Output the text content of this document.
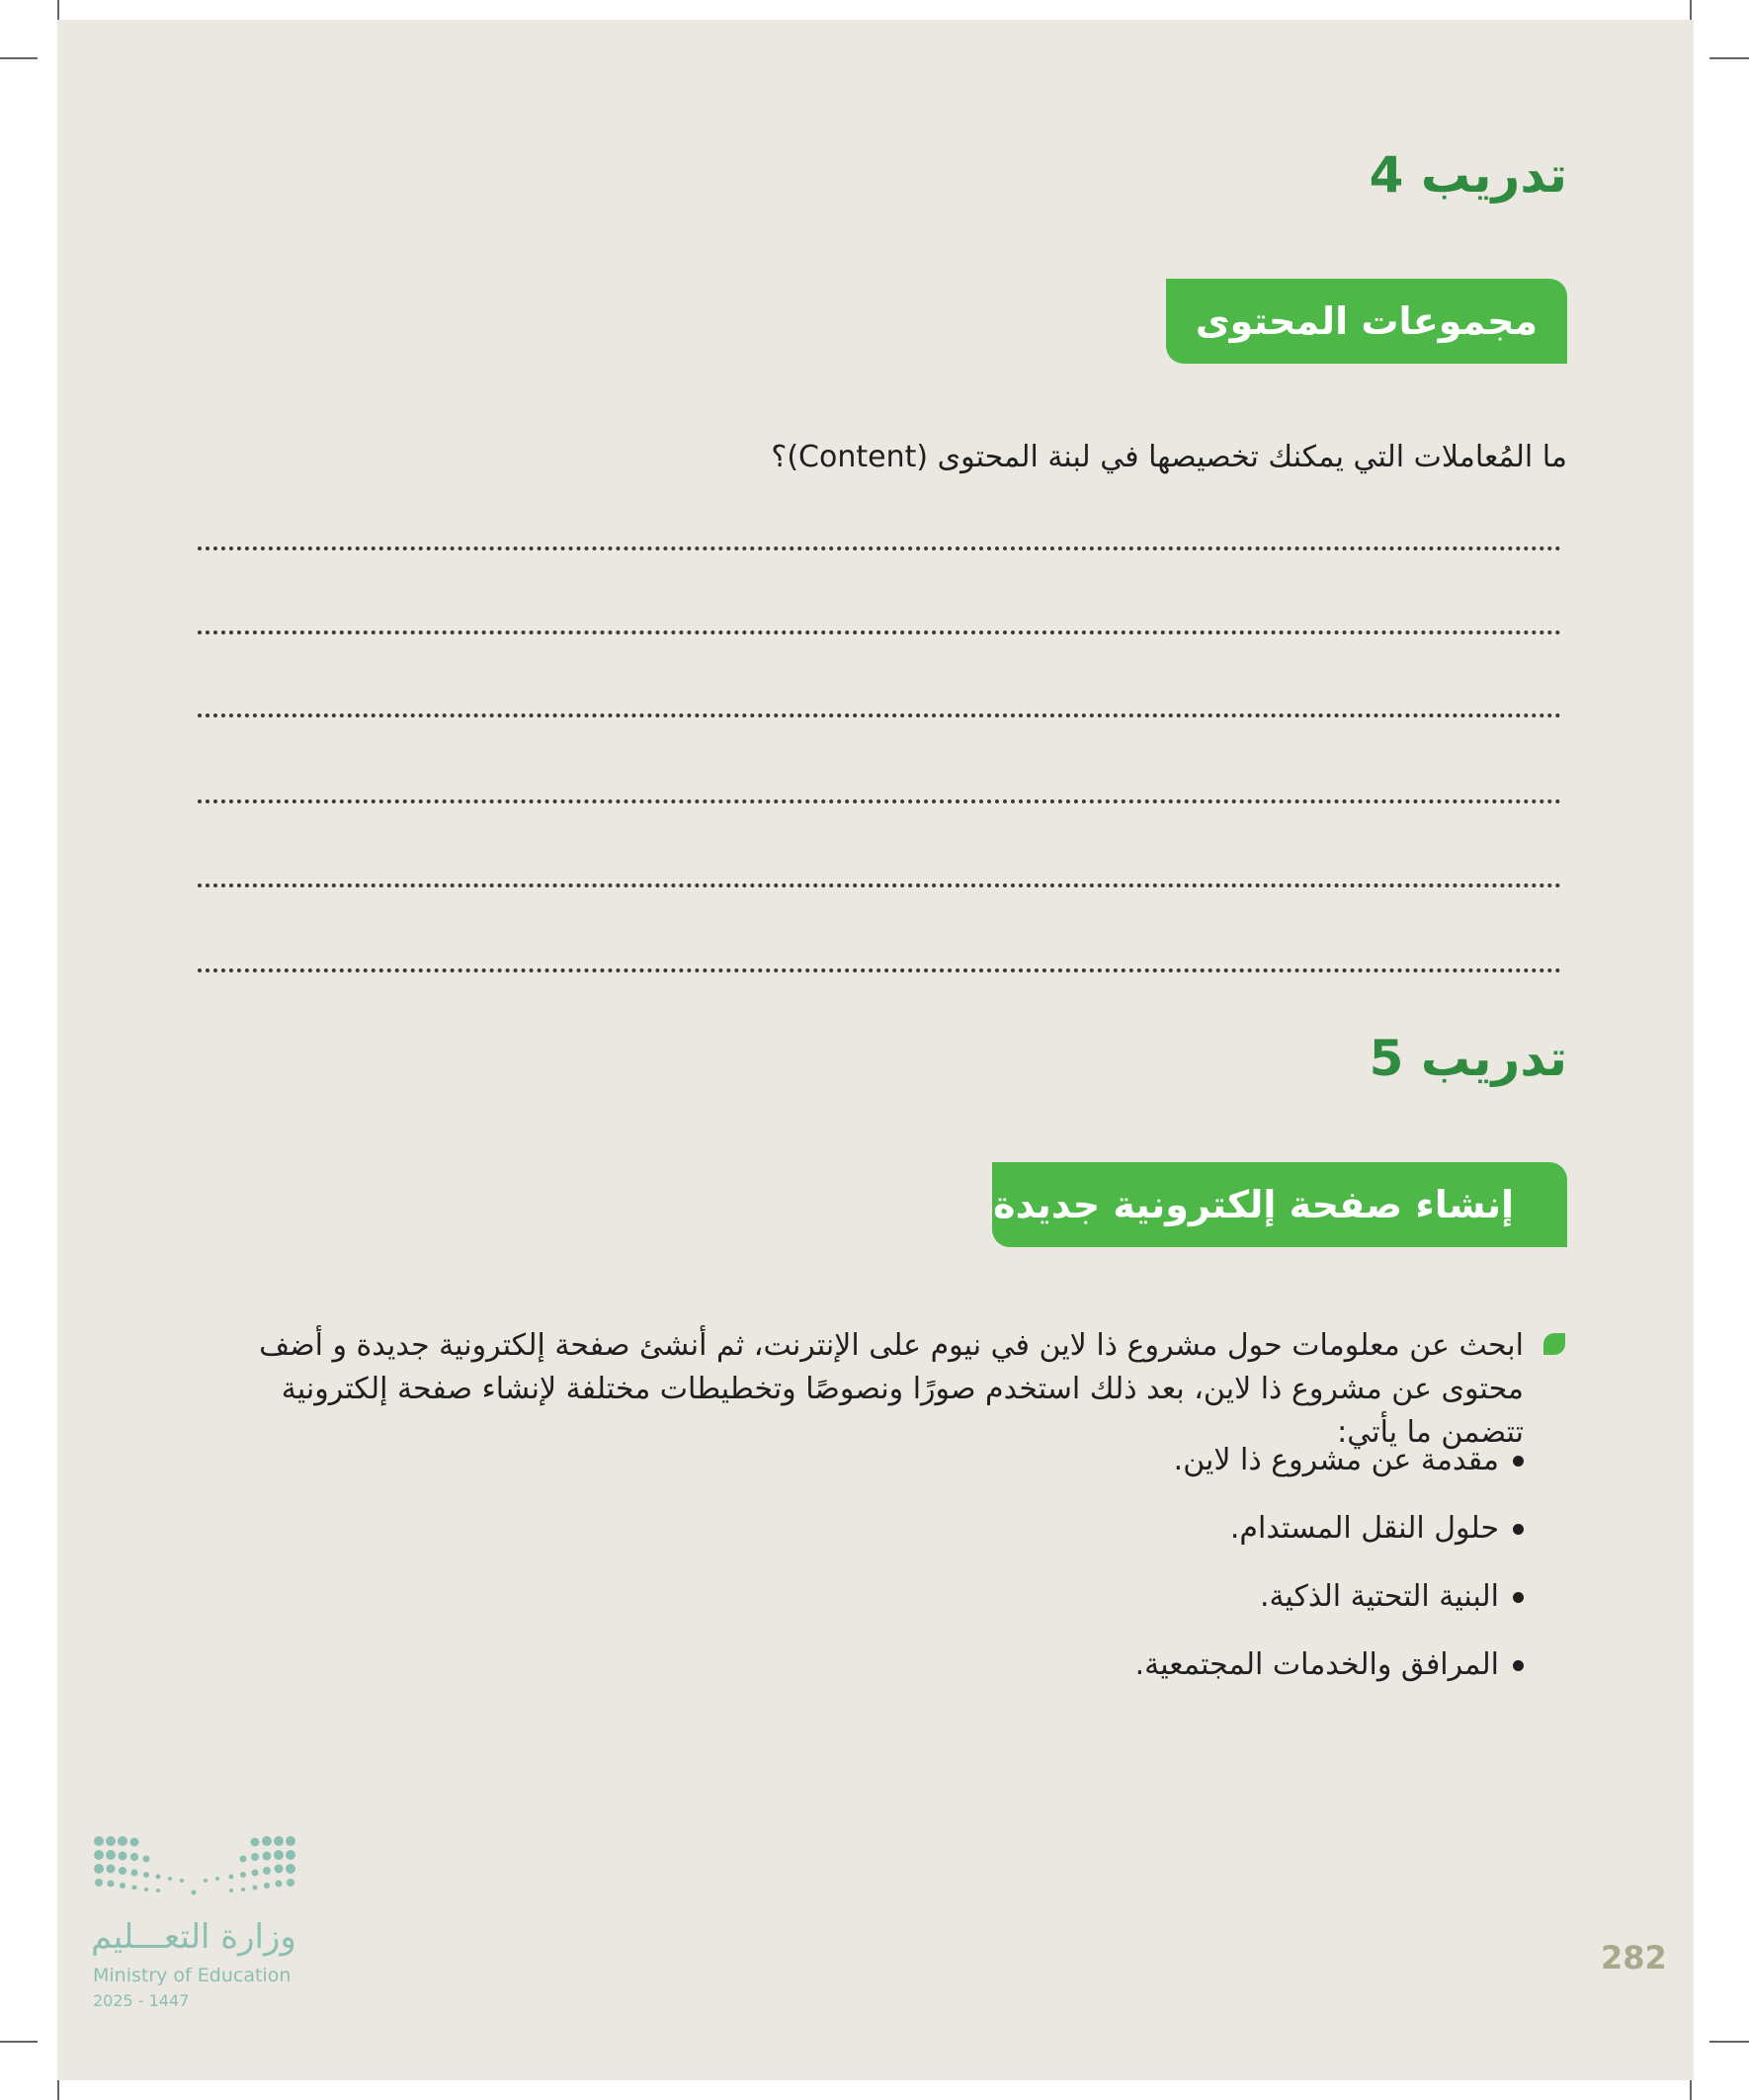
تدريب 4
مجموعات المحتوى
ما المُعاملات التي يمكنك تخصيصها في لبنة المحتوى (Content)؟
تدريب 5
إنشاء صفحة إلكترونية جديدة
ابحث عن معلومات حول مشروع ذا لاين في نيوم على الإنترنت، ثم أنشئ صفحة إلكترونية جديدة و أضف محتوى عن مشروع ذا لاين، بعد ذلك استخدم صورًا ونصوصًا وتخطيطات مختلفة لإنشاء صفحة إلكترونية تتضمن ما يأتي:
مقدمة عن مشروع ذا لاين.
حلول النقل المستدام.
البنية التحتية الذكية.
المرافق والخدمات المجتمعية.
وزارة التعـــليم
Ministry of Education
2025 - 1447
282
